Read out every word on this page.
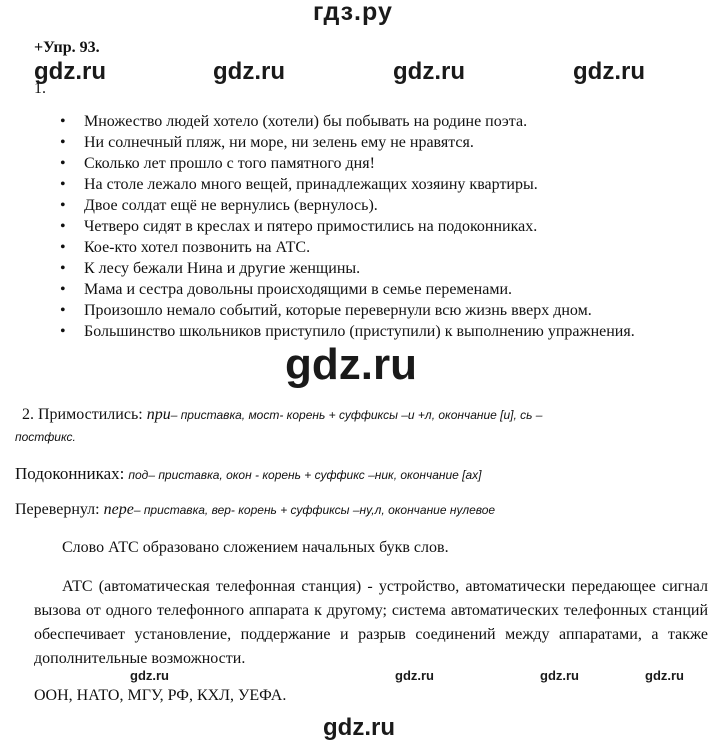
гдз.ру
+Упр. 93.
gdz.ru	gdz.ru	gdz.ru	gdz.ru
1.
• Множество людей хотело (хотели) бы побывать на родине поэта.
• Ни солнечный пляж, ни море, ни зелень ему не нравятся.
• Сколько лет прошло с того памятного дня!
• На столе лежало много вещей, принадлежащих хозяину квартиры.
• Двое солдат ещё не вернулись (вернулось).
• Четверо сидят в креслах и пятеро примостились на подоконниках.
• Кое-кто хотел позвонить на АТС.
• К лесу бежали Нина и другие женщины.
• Мама и сестра довольны происходящими в семье переменами.
• Произошло немало событий, которые перевернули всю жизнь вверх дном.
• Большинство школьников приступило (приступили) к выполнению упражнения.
gdz.ru
2. Примостились: при– приставка, мост- корень + суффиксы –и +л, окончание [и], сь –
постфикс.
Подоконниках: под– приставка, окон - корень + суффикс –ник, окончание [ах]
Перевернул: пере– приставка, вер- корень + суффиксы –ну,л, окончание нулевое
Слово АТС образовано сложением начальных букв слов.
АТС (автоматическая телефонная станция) - устройство, автоматически передающее сигнал вызова от одного телефонного аппарата к другому; система автоматических телефонных станций обеспечивает установление, поддержание и разрыв соединений между аппаратами, а также дополнительные возможности.
gdz.ru	gdz.ru	gdz.ru	gdz.ru
ООН, НАТО, МГУ, РФ, КХЛ, УЕФА.
gdz.ru
